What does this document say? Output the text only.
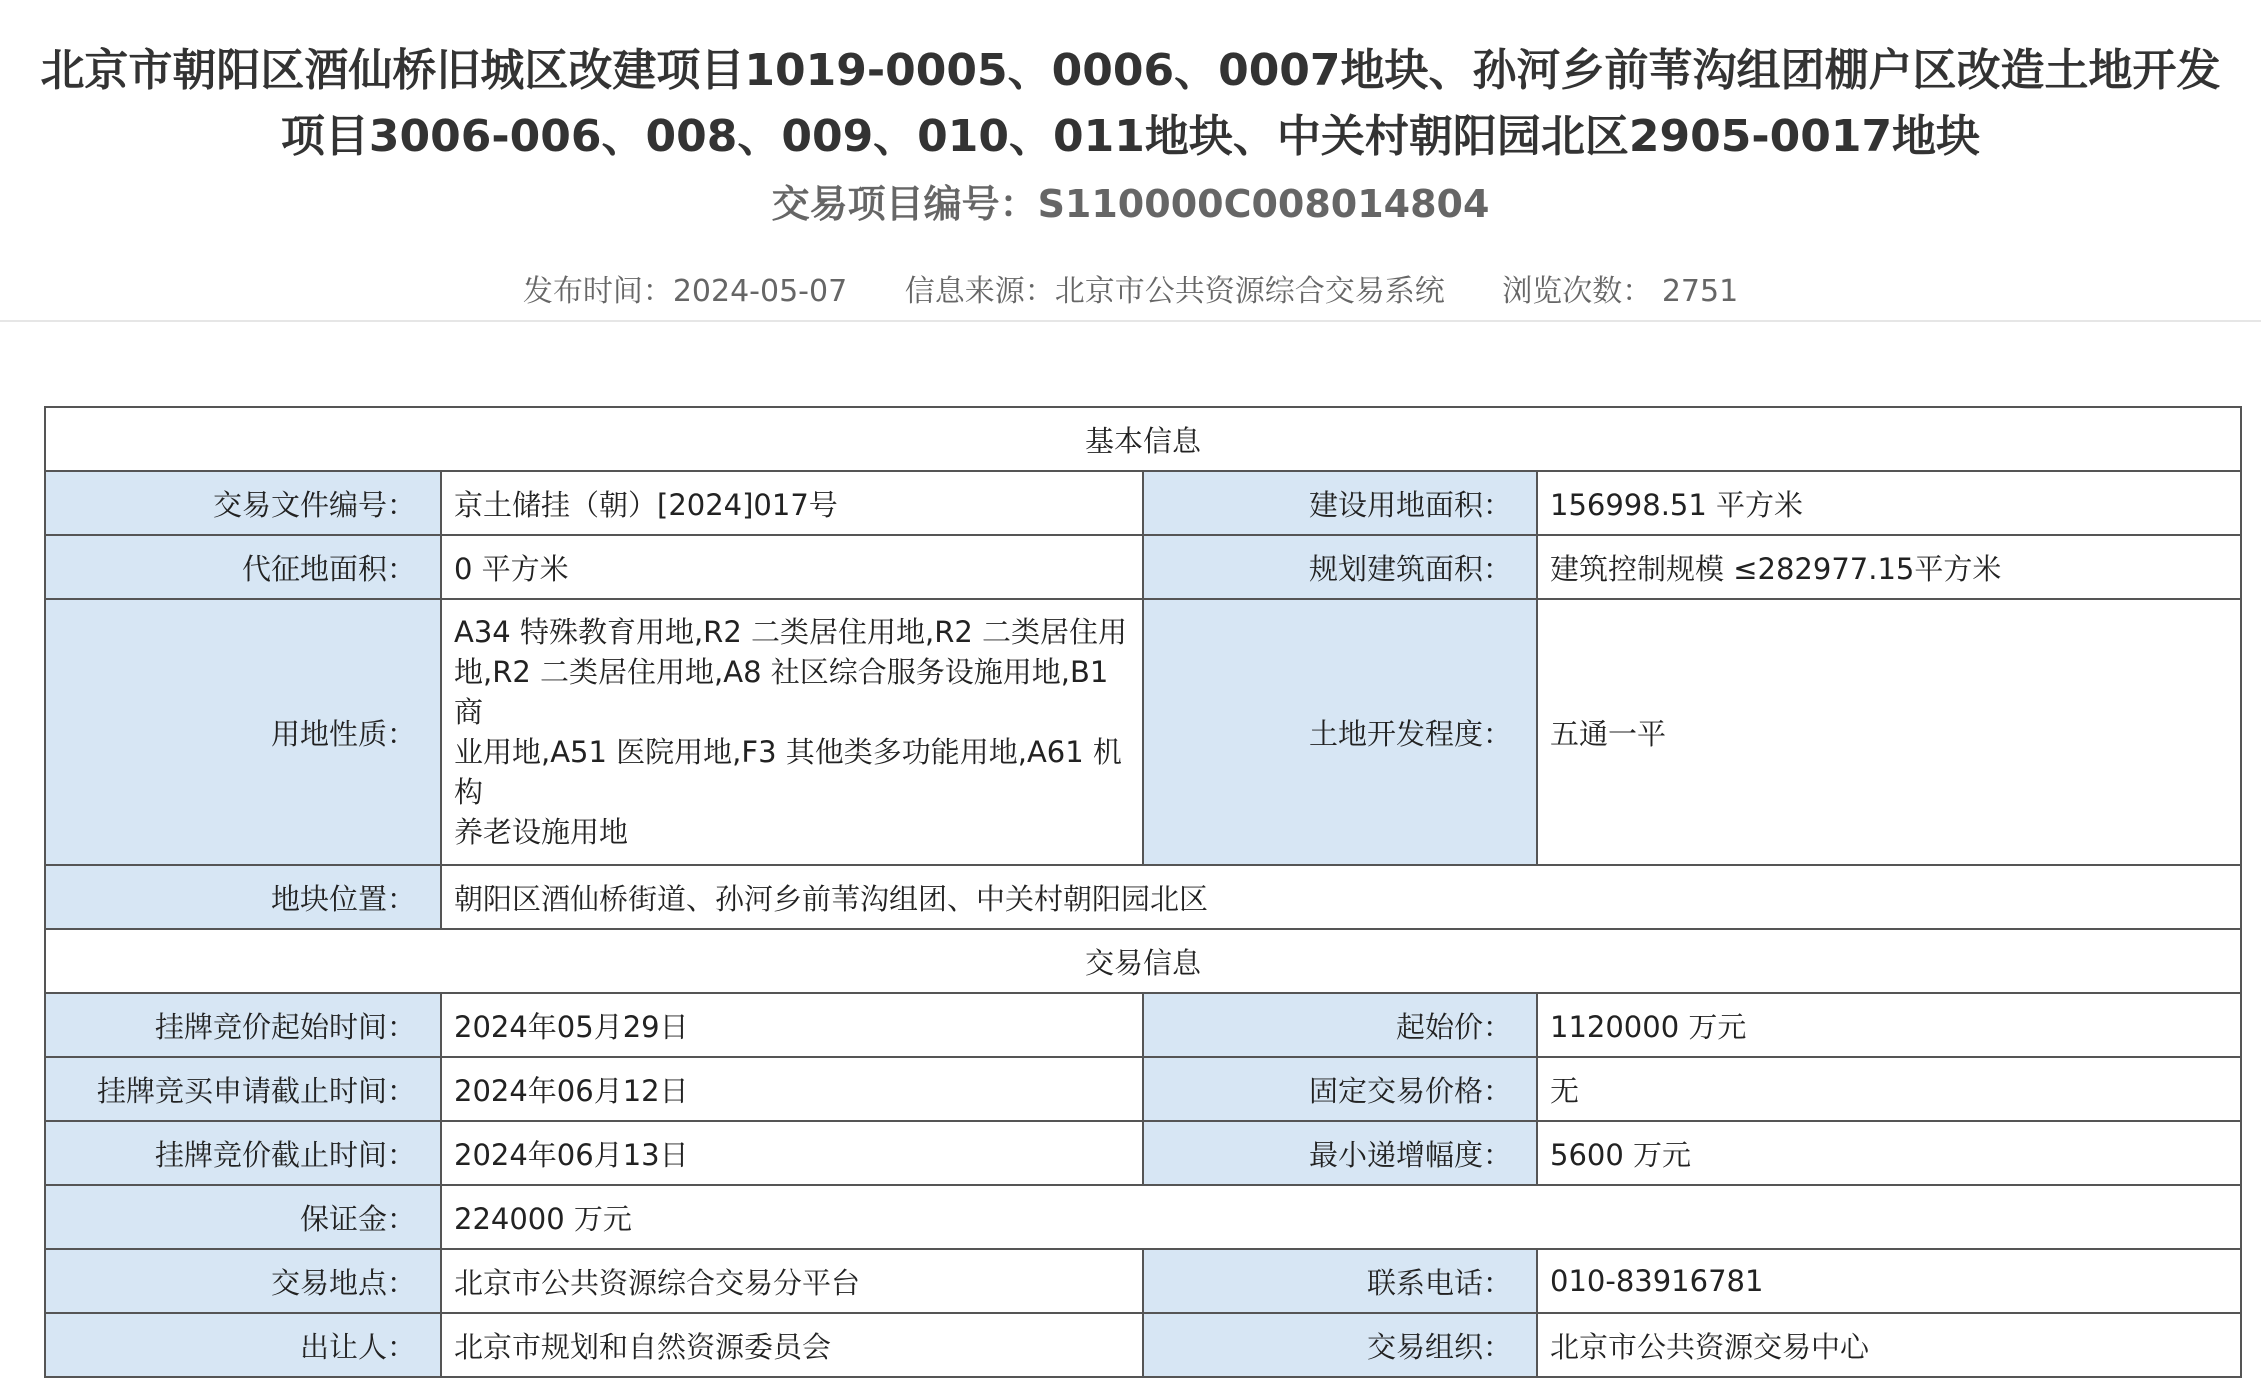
北京市朝阳区酒仙桥旧城区改建项目1019-0005、0006、0007地块、孙河乡前苇沟组团棚户区改造土地开发
项目3006-006、008、009、010、011地块、中关村朝阳园北区2905-0017地块
交易项目编号：S110000C008014804
发布时间：2024-05-07 信息来源：北京市公共资源综合交易系统 浏览次数： 2751
基本信息			
交易文件编号：	京土储挂（朝）[2024]017号	建设用地面积：	156998.51 平方米
代征地面积：	0 平方米	规划建筑面积：	建筑控制规模 ≤282977.15平方米
用地性质：	A34 特殊教育用地,R2 二类居住用地,R2 二类居住用
地,R2 二类居住用地,A8 社区综合服务设施用地,B1 商
业用地,A51 医院用地,F3 其他类多功能用地,A61 机构
养老设施用地	土地开发程度：	五通一平
地块位置：	朝阳区酒仙桥街道、孙河乡前苇沟组团、中关村朝阳园北区		
交易信息			
挂牌竞价起始时间：	2024年05月29日	起始价：	1120000 万元
挂牌竞买申请截止时间：	2024年06月12日	固定交易价格：	无
挂牌竞价截止时间：	2024年06月13日	最小递增幅度：	5600 万元
保证金：	224000 万元		
交易地点：	北京市公共资源综合交易分平台	联系电话：	010-83916781
出让人：	北京市规划和自然资源委员会	交易组织：	北京市公共资源交易中心
